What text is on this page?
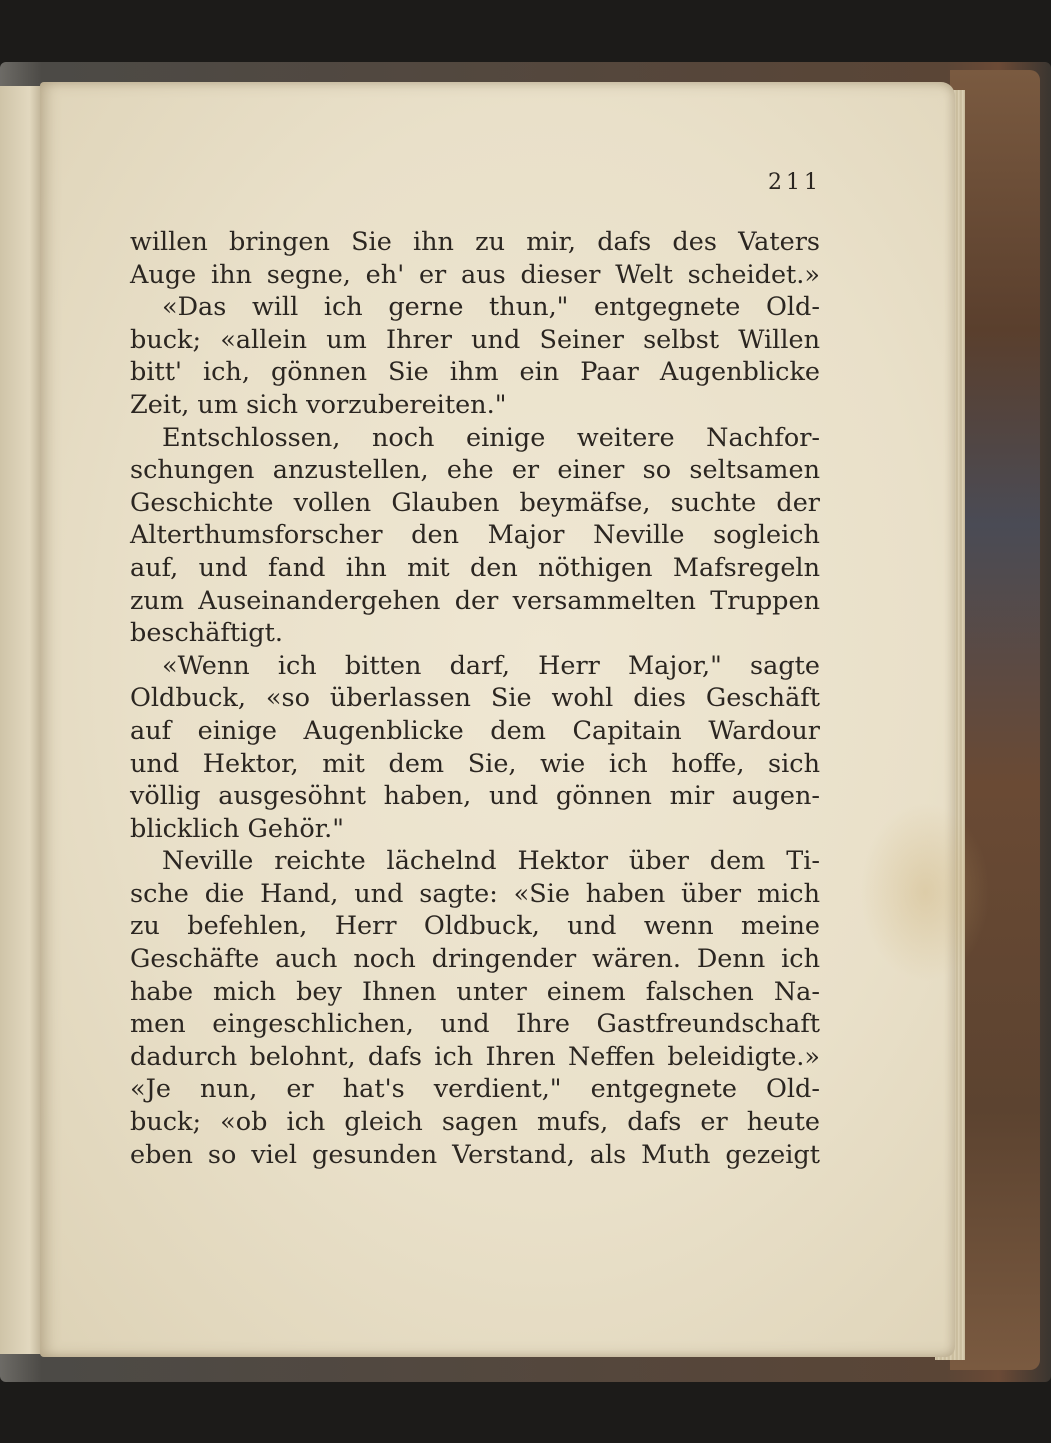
211
willen bringen Sie ihn zu mir, dafs des Vaters
Auge ihn segne, eh' er aus dieser Welt scheidet.»
«Das will ich gerne thun," entgegnete Old-
buck; «allein um Ihrer und Seiner selbst Willen
bitt' ich, gönnen Sie ihm ein Paar Augenblicke
Zeit, um sich vorzubereiten."
Entschlossen, noch einige weitere Nachfor-
schungen anzustellen, ehe er einer so seltsamen
Geschichte vollen Glauben beymäfse, suchte der
Alterthumsforscher den Major Neville sogleich
auf, und fand ihn mit den nöthigen Mafsregeln
zum Auseinandergehen der versammelten Truppen
beschäftigt.
«Wenn ich bitten darf, Herr Major," sagte
Oldbuck, «so überlassen Sie wohl dies Geschäft
auf einige Augenblicke dem Capitain Wardour
und Hektor, mit dem Sie, wie ich hoffe, sich
völlig ausgesöhnt haben, und gönnen mir augen-
blicklich Gehör."
Neville reichte lächelnd Hektor über dem Ti-
sche die Hand, und sagte: «Sie haben über mich
zu befehlen, Herr Oldbuck, und wenn meine
Geschäfte auch noch dringender wären. Denn ich
habe mich bey Ihnen unter einem falschen Na-
men eingeschlichen, und Ihre Gastfreundschaft
dadurch belohnt, dafs ich Ihren Neffen beleidigte.»
«Je nun, er hat's verdient," entgegnete Old-
buck; «ob ich gleich sagen mufs, dafs er heute
eben so viel gesunden Verstand, als Muth gezeigt
